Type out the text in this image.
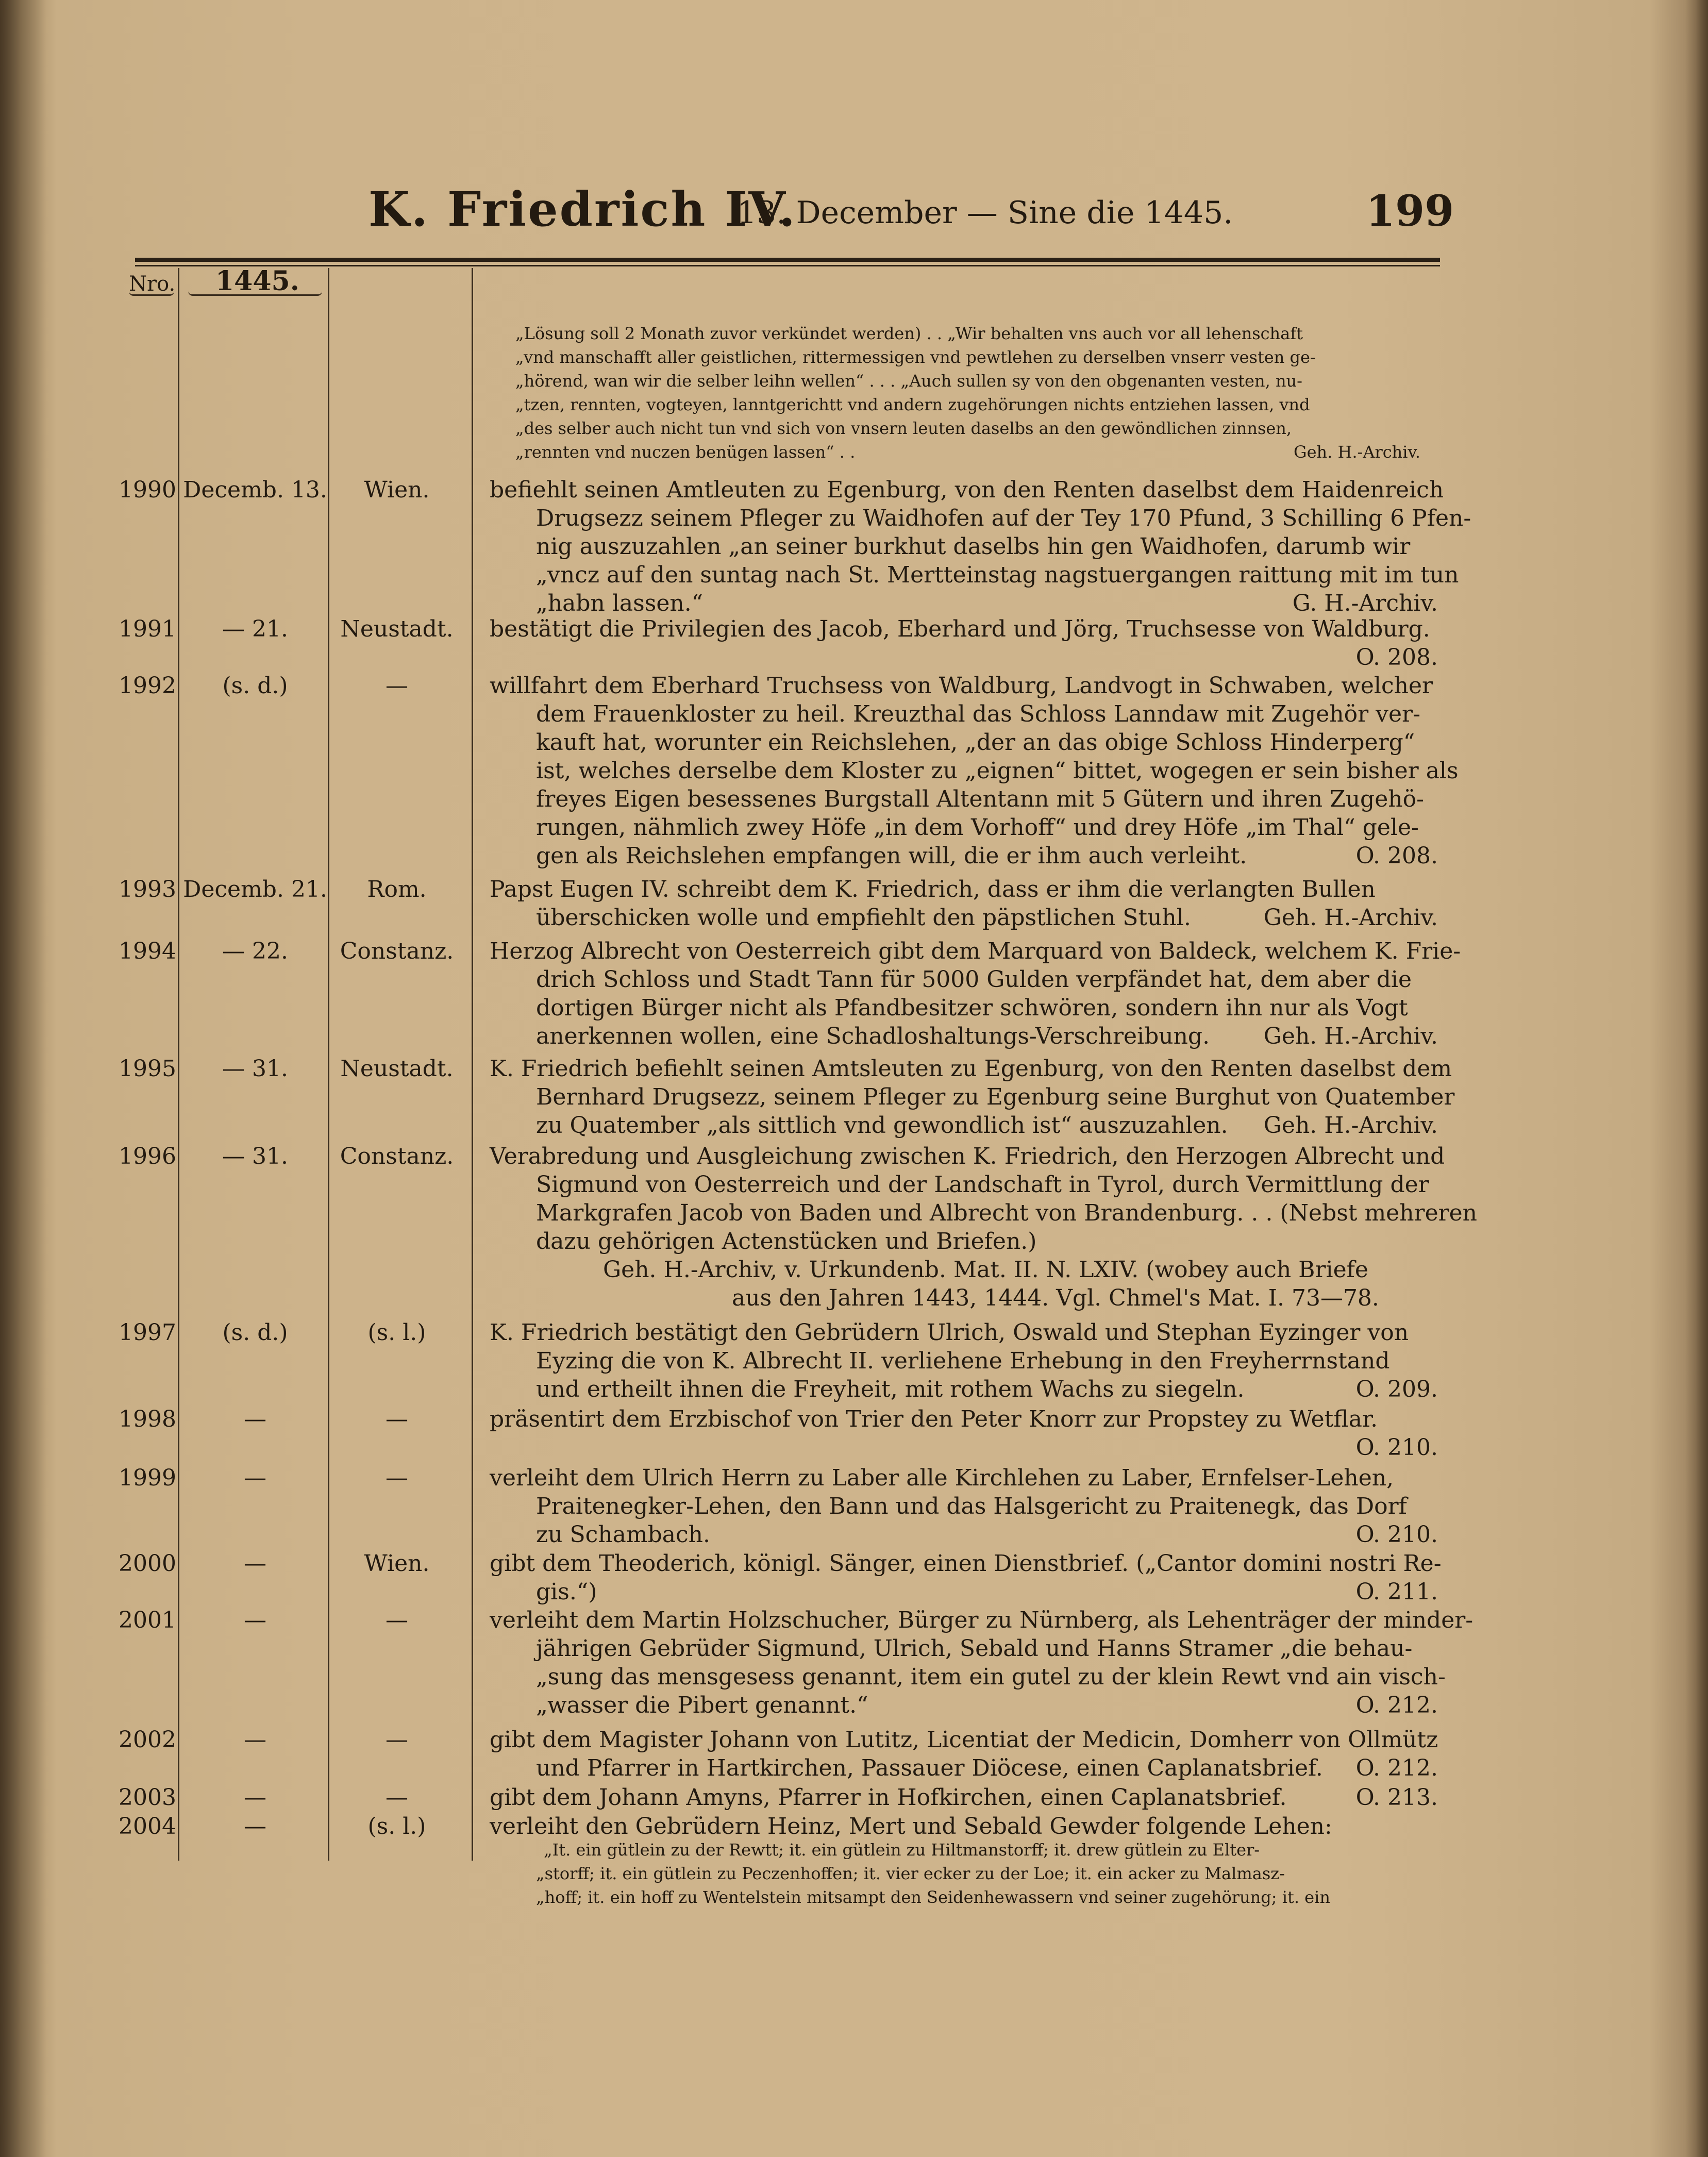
K. Friedrich IV.
13. December — Sine die 1445.	199
Nro. 1445.
„Lösung soll 2 Monath zuvor verkündet werden) . . „Wir behalten vns auch vor all lehenschaft
„vnd manschafft aller geistlichen, rittermessigen vnd pewtlehen zu derselben vnserr vesten ge-
„hörend, wan wir die selber leihn wellen“ . . . „Auch sullen sy von den obgenanten vesten, nu-
„tzen, rennten, vogteyen, lanntgerichtt vnd andern zugehörungen nichts entziehen lassen, vnd
„des selber auch nicht tun vnd sich von vnsern leuten daselbs an den gewöndlichen zinnsen,
„rennten vnd nuczen benügen lassen“ . .	Geh. H.-Archiv.
1990 Decemb. 13.	Wien.	befiehlt seinen Amtleuten zu Egenburg, von den Renten daselbst dem Haidenreich
Drugsezz seinem Pfleger zu Waidhofen auf der Tey 170 Pfund, 3 Schilling 6 Pfen-
nig auszuzahlen „an seiner burkhut daselbs hin gen Waidhofen, darumb wir
„vncz auf den suntag nach St. Mertteinstag nagstuergangen raittung mit im tun
„habn lassen.“	G. H.-Archiv.
1991	— 21.	Neustadt.	bestätigt die Privilegien des Jacob, Eberhard und Jörg, Truchsesse von Waldburg.
O. 208.
1992	(s. d.)	—	willfahrt dem Eberhard Truchsess von Waldburg, Landvogt in Schwaben, welcher
dem Frauenkloster zu heil. Kreuzthal das Schloss Lanndaw mit Zugehör ver-
kauft hat, worunter ein Reichslehen, „der an das obige Schloss Hinderperg“
ist, welches derselbe dem Kloster zu „eignen“ bittet, wogegen er sein bisher als
freyes Eigen besessenes Burgstall Altentann mit 5 Gütern und ihren Zugehö-
rungen, nähmlich zwey Höfe „in dem Vorhoff“ und drey Höfe „im Thal“ gele-
gen als Reichslehen empfangen will, die er ihm auch verleiht.	O. 208.
1993 Decemb. 21.	Rom.	Papst Eugen IV. schreibt dem K. Friedrich, dass er ihm die verlangten Bullen
überschicken wolle und empfiehlt den päpstlichen Stuhl.	Geh. H.-Archiv.
1994	— 22.	Constanz.	Herzog Albrecht von Oesterreich gibt dem Marquard von Baldeck, welchem K. Frie-
drich Schloss und Stadt Tann für 5000 Gulden verpfändet hat, dem aber die
dortigen Bürger nicht als Pfandbesitzer schwören, sondern ihn nur als Vogt
anerkennen wollen, eine Schadloshaltungs-Verschreibung. Geh. H.-Archiv.
1995	— 31.	Neustadt.	K. Friedrich befiehlt seinen Amtsleuten zu Egenburg, von den Renten daselbst dem
Bernhard Drugsezz, seinem Pfleger zu Egenburg seine Burghut von Quatember
zu Quatember „als sittlich vnd gewondlich ist“ auszuzahlen. Geh. H.-Archiv.
1996	— 31.	Constanz.	Verabredung und Ausgleichung zwischen K. Friedrich, den Herzogen Albrecht und
Sigmund von Oesterreich und der Landschaft in Tyrol, durch Vermittlung der
Markgrafen Jacob von Baden und Albrecht von Brandenburg. . . (Nebst mehreren
dazu gehörigen Actenstücken und Briefen.)
Geh. H.-Archiv, v. Urkundenb. Mat. II. N. LXIV. (wobey auch Briefe
aus den Jahren 1443, 1444. Vgl. Chmel's Mat. I. 73—78.
1997	(s. d.)	(s. l.)	K. Friedrich bestätigt den Gebrüdern Ulrich, Oswald und Stephan Eyzinger von
Eyzing die von K. Albrecht II. verliehene Erhebung in den Freyherrnstand
und ertheilt ihnen die Freyheit, mit rothem Wachs zu siegeln.	O. 209.
1998	—	—	präsentirt dem Erzbischof von Trier den Peter Knorr zur Propstey zu Wetflar.
O. 210.
1999	—	—	verleiht dem Ulrich Herrn zu Laber alle Kirchlehen zu Laber, Ernfelser-Lehen,
Praitenegker-Lehen, den Bann und das Halsgericht zu Praitenegk, das Dorf
zu Schambach.	O. 210.
2000	—	Wien.	gibt dem Theoderich, königl. Sänger, einen Dienstbrief. („Cantor domini nostri Re-
gis.“)	O. 211.
2001	—	—	verleiht dem Martin Holzschucher, Bürger zu Nürnberg, als Lehenträger der minder-
jährigen Gebrüder Sigmund, Ulrich, Sebald und Hanns Stramer „die behau-
„sung das mensgesess genannt, item ein gutel zu der klein Rewt vnd ain visch-
„wasser die Pibert genannt.“	O. 212.
2002	—	—	gibt dem Magister Johann von Lutitz, Licentiat der Medicin, Domherr von Ollmütz
und Pfarrer in Hartkirchen, Passauer Diöcese, einen Caplanatsbrief. O. 212.
2003	—	—	gibt dem Johann Amyns, Pfarrer in Hofkirchen, einen Caplanatsbrief.	O. 213.
2004	—	(s. l.)	verleiht den Gebrüdern Heinz, Mert und Sebald Gewder folgende Lehen:
„It. ein gütlein zu der Rewtt; it. ein gütlein zu Hiltmanstorff; it. drew gütlein zu Elter-
„storff; it. ein gütlein zu Peczenhoffen; it. vier ecker zu der Loe; it. ein acker zu Malmasz-
„hoff; it. ein hoff zu Wentelstein mitsampt den Seidenhewassern vnd seiner zugehörung; it. ein
